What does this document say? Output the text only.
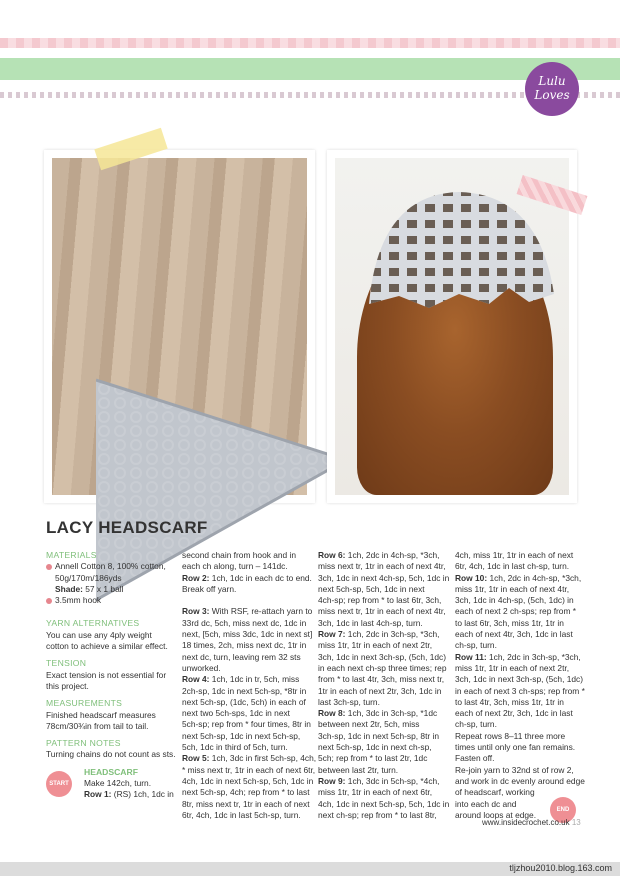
Lulu Loves
LACY HEADSCARF

MATERIALS

Annell Cotton 8, 100% cotton,

50g/170m/186yds

Shade: 57 x 1 ball

3.5mm hook

YARN ALTERNATIVES

You can use any 4ply weight

cotton to achieve a similar effect.

TENSION

Exact tension is not essential for

this project.

MEASUREMENTS

Finished headscarf measures

78cm/30¾in from tail to tail.

PATTERN NOTES

Turning chains do not count as sts.

START

HEADSCARF

Make 142ch, turn.

Row 1: (RS) 1ch, 1dc in

second chain from hook and in

each ch along, turn – 141dc.

Row 2: 1ch, 1dc in each dc to end.

Break off yarn.

Row 3: With RSF, re-attach yarn to

33rd dc, 5ch, miss next dc, 1dc in

next, [5ch, miss 3dc, 1dc in next st]

18 times, 2ch, miss next dc, 1tr in

next dc, turn, leaving rem 32 sts

unworked.

Row 4: 1ch, 1dc in tr, 5ch, miss

2ch-sp, 1dc in next 5ch-sp, *8tr in

next 5ch-sp, (1dc, 5ch) in each of

next two 5ch-sps, 1dc in next

5ch-sp; rep from * four times, 8tr in

next 5ch-sp, 1dc in next 5ch-sp,

5ch, 1dc in third of 5ch, turn.

Row 5: 1ch, 3dc in first 5ch-sp, 4ch,

* miss next tr, 1tr in each of next 6tr,

4ch, 1dc in next 5ch-sp, 5ch, 1dc in

next 5ch-sp, 4ch; rep from * to last

8tr, miss next tr, 1tr in each of next

6tr, 4ch, 1dc in last 5ch-sp, turn.

Row 6: 1ch, 2dc in 4ch-sp, *3ch,

miss next tr, 1tr in each of next 4tr,

3ch, 1dc in next 4ch-sp, 5ch, 1dc in

next 5ch-sp, 5ch, 1dc in next

4ch-sp; rep from * to last 6tr, 3ch,

miss next tr, 1tr in each of next 4tr,

3ch, 1dc in last 4ch-sp, turn.

Row 7: 1ch, 2dc in 3ch-sp, *3ch,

miss 1tr, 1tr in each of next 2tr,

3ch, 1dc in next 3ch-sp, (5ch, 1dc)

in each next ch-sp three times; rep

from * to last 4tr, 3ch, miss next tr,

1tr in each of next 2tr, 3ch, 1dc in

last 3ch-sp, turn.

Row 8: 1ch, 3dc in 3ch-sp, *1dc

between next 2tr, 5ch, miss

3ch-sp, 1dc in next 5ch-sp, 8tr in

next 5ch-sp, 1dc in next ch-sp,

5ch; rep from * to last 2tr, 1dc

between last 2tr, turn.

Row 9: 1ch, 3dc in 5ch-sp, *4ch,

miss 1tr, 1tr in each of next 6tr,

4ch, 1dc in next 5ch-sp, 5ch, 1dc in

next ch-sp; rep from * to last 8tr,

4ch, miss 1tr, 1tr in each of next

6tr, 4ch, 1dc in last ch-sp, turn.

Row 10: 1ch, 2dc in 4ch-sp, *3ch,

miss 1tr, 1tr in each of next 4tr,

3ch, 1dc in 4ch-sp, (5ch, 1dc) in

each of next 2 ch-sps; rep from *

to last 6tr, 3ch, miss 1tr, 1tr in

each of next 4tr, 3ch, 1dc in last

ch-sp, turn.

Row 11: 1ch, 2dc in 3ch-sp, *3ch,

miss 1tr, 1tr in each of next 2tr,

3ch, 1dc in next 3ch-sp, (5ch, 1dc)

in each of next 3 ch-sps; rep from *

to last 4tr, 3ch, miss 1tr, 1tr in

each of next 2tr, 3ch, 1dc in last

ch-sp, turn.

Repeat rows 8–11 three more

times until only one fan remains.

Fasten off.

Re-join yarn to 32nd st of row 2,

and work in dc evenly around edge

of headscarf, working

into each dc and

around loops at edge.	END
www.insidecrochet.co.uk 13
tljzhou2010.blog.163.com
